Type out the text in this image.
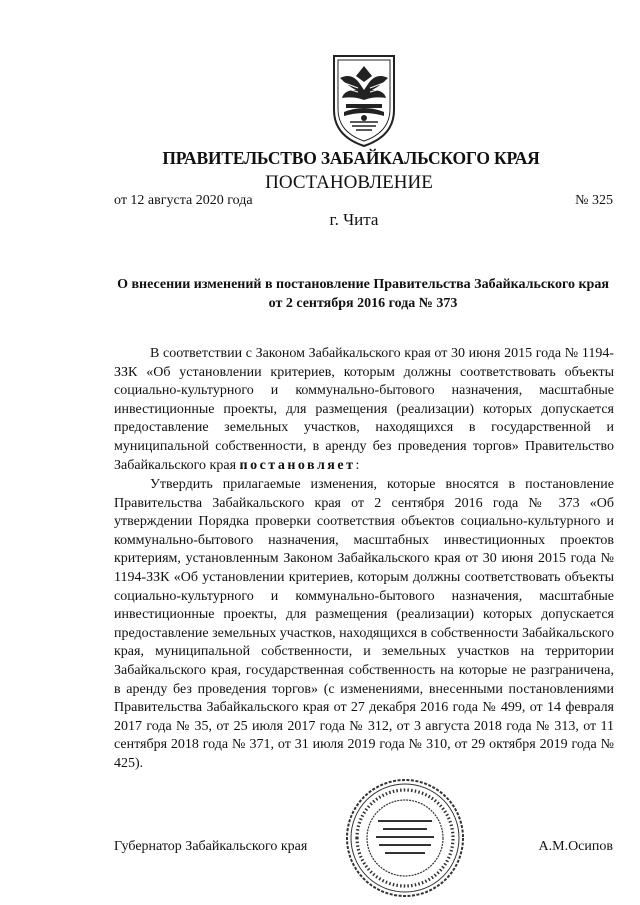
ПРАВИТЕЛЬСТВО ЗАБАЙКАЛЬСКОГО КРАЯ
ПОСТАНОВЛЕНИЕ
от 12 августа 2020 года	№ 325
г. Чита
О внесении изменений в постановление Правительства Забайкальского края от 2 сентября 2016 года № 373

В соответствии с Законом Забайкальского края от 30 июня 2015 года № 1194-ЗЗК «Об установлении критериев, которым должны соответствовать объекты социально-культурного и коммунально-бытового назначения, масштабные инвестиционные проекты, для размещения (реализации) которых допускается предоставление земельных участков, находящихся в государственной и муниципальной собственности, в аренду без проведения торгов» Правительство Забайкальского края постановляет:

Утвердить прилагаемые изменения, которые вносятся в постановление Правительства Забайкальского края от 2 сентября 2016 года № 373 «Об утверждении Порядка проверки соответствия объектов социально-культурного и коммунально-бытового назначения, масштабных инвестиционных проектов критериям, установленным Законом Забайкальского края от 30 июня 2015 года № 1194-ЗЗК «Об установлении критериев, которым должны соответствовать объекты социально-культурного и коммунально-бытового назначения, масштабные инвестиционные проекты, для размещения (реализации) которых допускается предоставление земельных участков, находящихся в собственности Забайкальского края, муниципальной собственности, и земельных участков на территории Забайкальского края, государственная собственность на которые не разграничена, в аренду без проведения торгов» (с изменениями, внесенными постановлениями Правительства Забайкальского края от 27 декабря 2016 года № 499, от 14 февраля 2017 года № 35, от 25 июля 2017 года № 312, от 3 августа 2018 года № 313, от 11 сентября 2018 года № 371, от 31 июля 2019 года № 310, от 29 октября 2019 года № 425).

Губернатор Забайкальского края	А.М.Осипов
